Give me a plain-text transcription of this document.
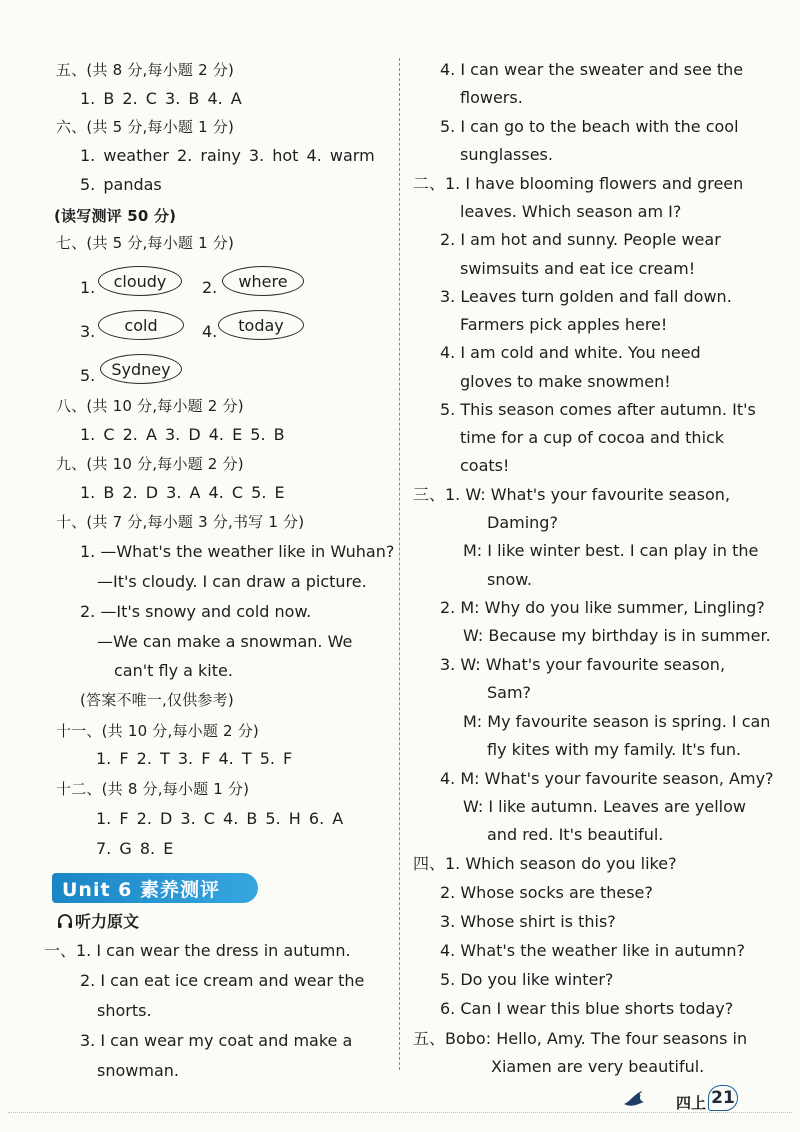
五、(共 8 分,每小题 2 分)
1. B 2. C 3. B 4. A
六、(共 5 分,每小题 1 分)
1. weather 2. rainy 3. hot 4. warm
5. pandas
(读写测评 50 分)
七、(共 5 分,每小题 1 分)
1.	cloudy	2.	where
3.	cold	4.	today
5.	Sydney
八、(共 10 分,每小题 2 分)
1. C 2. A 3. D 4. E 5. B
九、(共 10 分,每小题 2 分)
1. B 2. D 3. A 4. C 5. E
十、(共 7 分,每小题 3 分,书写 1 分)
1. —What's the weather like in Wuhan?
—It's cloudy. I can draw a picture.
2. —It's snowy and cold now.
—We can make a snowman. We
can't fly a kite.
(答案不唯一,仅供参考)
十一、(共 10 分,每小题 2 分)
1. F 2. T 3. F 4. T 5. F
十二、(共 8 分,每小题 1 分)
1. F 2. D 3. C 4. B 5. H 6. A
7. G 8. E
Unit 6 素养测评
听力原文
一、1. I can wear the dress in autumn.
2. I can eat ice cream and wear the
shorts.
3. I can wear my coat and make a
snowman.
4. I can wear the sweater and see the
flowers.
5. I can go to the beach with the cool
sunglasses.
二、1. I have blooming flowers and green
leaves. Which season am I?
2. I am hot and sunny. People wear
swimsuits and eat ice cream!
3. Leaves turn golden and fall down.
Farmers pick apples here!
4. I am cold and white. You need
gloves to make snowmen!
5. This season comes after autumn. It's
time for a cup of cocoa and thick
coats!
三、1. W: What's your favourite season,
Daming?
M: I like winter best. I can play in the
snow.
2. M: Why do you like summer, Lingling?
W: Because my birthday is in summer.
3. W: What's your favourite season,
Sam?
M: My favourite season is spring. I can
fly kites with my family. It's fun.
4. M: What's your favourite season, Amy?
W: I like autumn. Leaves are yellow
and red. It's beautiful.
四、1. Which season do you like?
2. Whose socks are these?
3. Whose shirt is this?
4. What's the weather like in autumn?
5. Do you like winter?
6. Can I wear this blue shorts today?
五、Bobo: Hello, Amy. The four seasons in
Xiamen are very beautiful.
四上 21
